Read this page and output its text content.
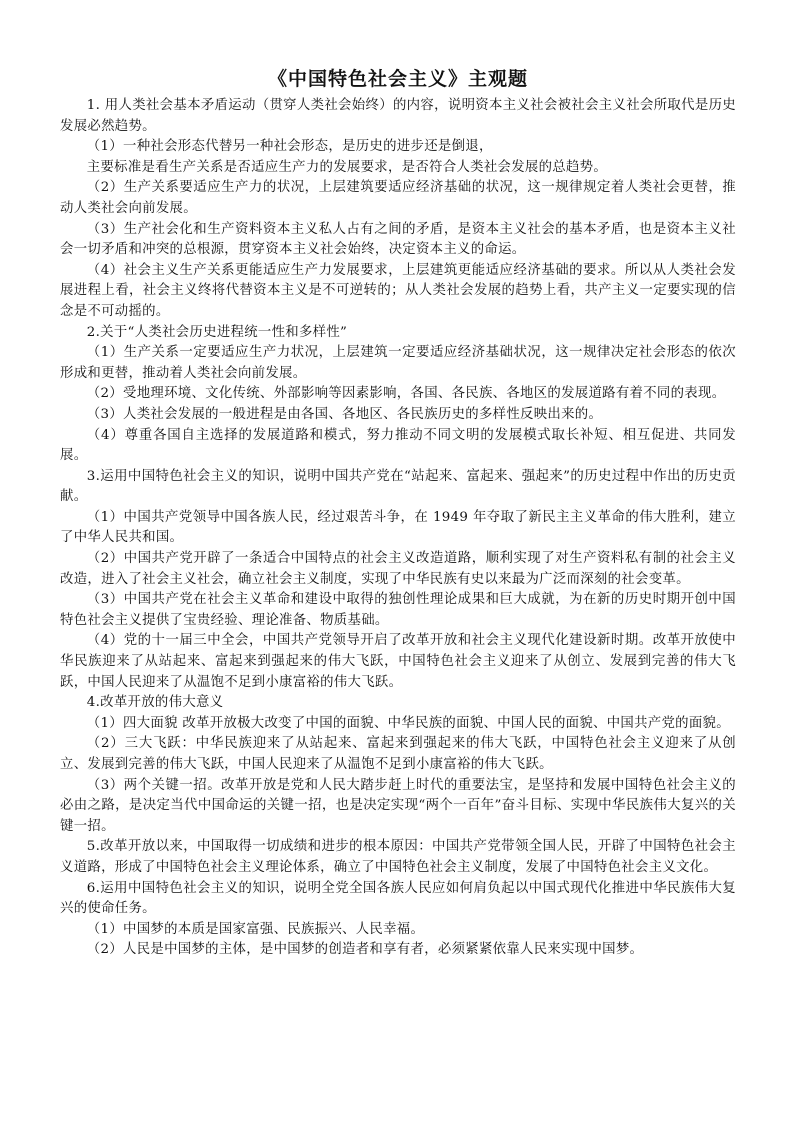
《中国特色社会主义》主观题

1. 用人类社会基本矛盾运动（贯穿人类社会始终）的内容，说明资本主义社会被社会主义社会所取代是历史发展必然趋势。

（1）一种社会形态代替另一种社会形态，是历史的进步还是倒退，

主要标准是看生产关系是否适应生产力的发展要求，是否符合人类社会发展的总趋势。

（2）生产关系要适应生产力的状况，上层建筑要适应经济基础的状况，这一规律规定着人类社会更替，推动人类社会向前发展。

（3）生产社会化和生产资料资本主义私人占有之间的矛盾，是资本主义社会的基本矛盾，也是资本主义社会一切矛盾和冲突的总根源，贯穿资本主义社会始终，决定资本主义的命运。

（4）社会主义生产关系更能适应生产力发展要求，上层建筑更能适应经济基础的要求。所以从人类社会发展进程上看，社会主义终将代替资本主义是不可逆转的；从人类社会发展的趋势上看，共产主义一定要实现的信念是不可动摇的。

2.关于“人类社会历史进程统一性和多样性”

（1）生产关系一定要适应生产力状况，上层建筑一定要适应经济基础状况，这一规律决定社会形态的依次形成和更替，推动着人类社会向前发展。

（2）受地理环境、文化传统、外部影响等因素影响，各国、各民族、各地区的发展道路有着不同的表现。

（3）人类社会发展的一般进程是由各国、各地区、各民族历史的多样性反映出来的。

（4）尊重各国自主选择的发展道路和模式，努力推动不同文明的发展模式取长补短、相互促进、共同发展。

3.运用中国特色社会主义的知识，说明中国共产党在“站起来、富起来、强起来”的历史过程中作出的历史贡献。

（1）中国共产党领导中国各族人民，经过艰苦斗争，在 1949 年夺取了新民主主义革命的伟大胜利，建立了中华人民共和国。

（2）中国共产党开辟了一条适合中国特点的社会主义改造道路，顺利实现了对生产资料私有制的社会主义改造，进入了社会主义社会，确立社会主义制度，实现了中华民族有史以来最为广泛而深刻的社会变革。

（3）中国共产党在社会主义革命和建设中取得的独创性理论成果和巨大成就，为在新的历史时期开创中国特色社会主义提供了宝贵经验、理论准备、物质基础。

（4）党的十一届三中全会，中国共产党领导开启了改革开放和社会主义现代化建设新时期。改革开放使中华民族迎来了从站起来、富起来到强起来的伟大飞跃，中国特色社会主义迎来了从创立、发展到完善的伟大飞跃，中国人民迎来了从温饱不足到小康富裕的伟大飞跃。

4.改革开放的伟大意义

（1）四大面貌 改革开放极大改变了中国的面貌、中华民族的面貌、中国人民的面貌、中国共产党的面貌。

（2）三大飞跃：中华民族迎来了从站起来、富起来到强起来的伟大飞跃，中国特色社会主义迎来了从创立、发展到完善的伟大飞跃，中国人民迎来了从温饱不足到小康富裕的伟大飞跃。

（3）两个关键一招。改革开放是党和人民大踏步赶上时代的重要法宝，是坚持和发展中国特色社会主义的必由之路，是决定当代中国命运的关键一招，也是决定实现“两个一百年”奋斗目标、实现中华民族伟大复兴的关键一招。

5.改革开放以来，中国取得一切成绩和进步的根本原因：中国共产党带领全国人民，开辟了中国特色社会主义道路，形成了中国特色社会主义理论体系，确立了中国特色社会主义制度，发展了中国特色社会主义文化。

6.运用中国特色社会主义的知识，说明全党全国各族人民应如何肩负起以中国式现代化推进中华民族伟大复兴的使命任务。

（1）中国梦的本质是国家富强、民族振兴、人民幸福。

（2）人民是中国梦的主体，是中国梦的创造者和享有者，必须紧紧依靠人民来实现中国梦。
